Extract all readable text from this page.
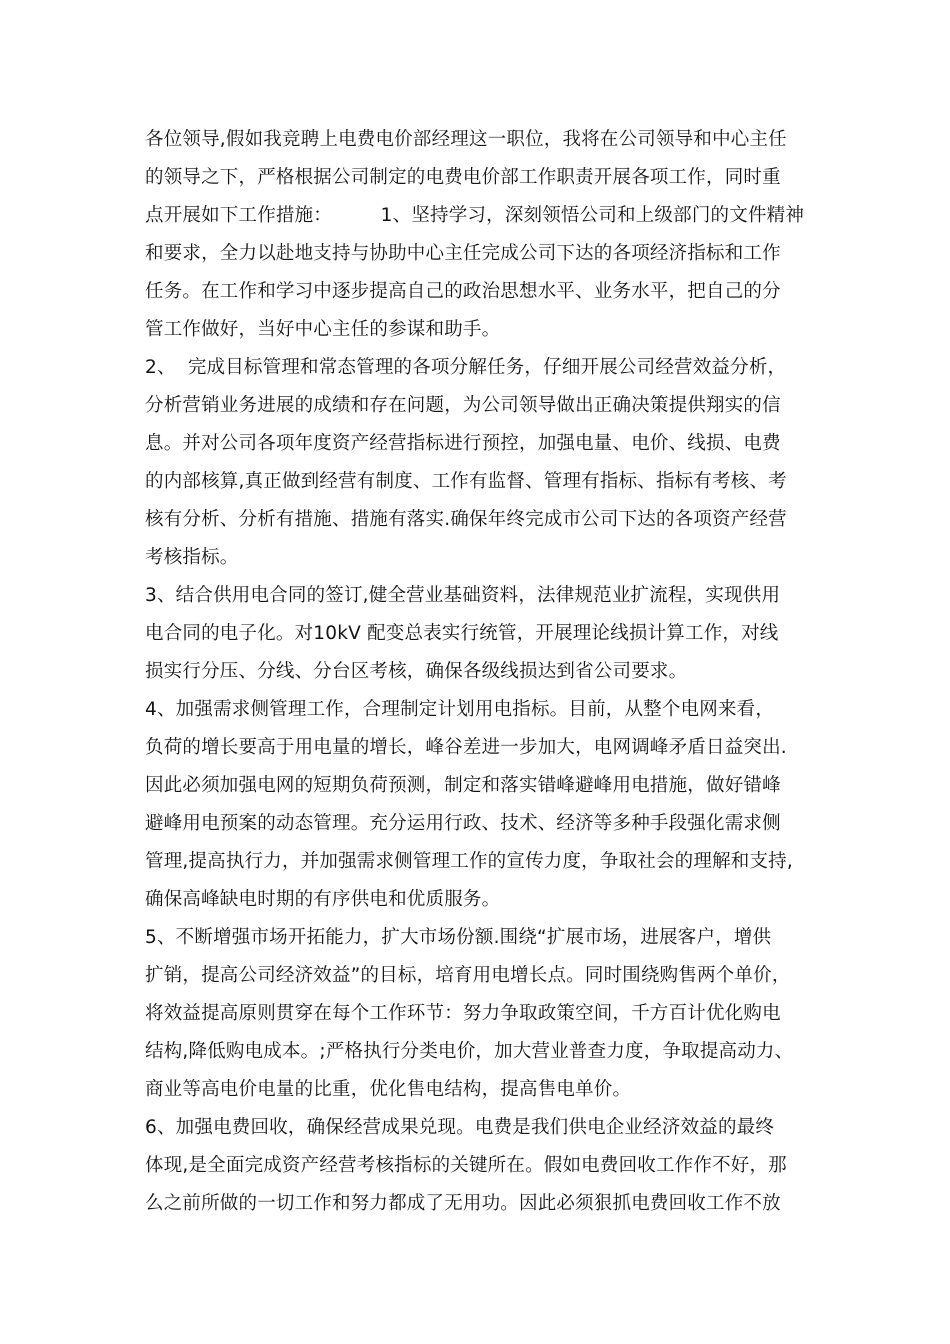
各位领导,假如我竞聘上电费电价部经理这一职位，我将在公司领导和中心主任
的领导之下，严格根据公司制定的电费电价部工作职责开展各项工作，同时重
点开展如下工作措施：        1、坚持学习，深刻领悟公司和上级部门的文件精神
和要求，全力以赴地支持与协助中心主任完成公司下达的各项经济指标和工作
任务。在工作和学习中逐步提高自己的政治思想水平、业务水平，把自己的分
管工作做好，当好中心主任的参谋和助手。
2、  完成目标管理和常态管理的各项分解任务，仔细开展公司经营效益分析，
分析营销业务进展的成绩和存在问题，为公司领导做出正确决策提供翔实的信
息。并对公司各项年度资产经营指标进行预控，加强电量、电价、线损、电费
的内部核算,真正做到经营有制度、工作有监督、管理有指标、指标有考核、考
核有分析、分析有措施、措施有落实.确保年终完成市公司下达的各项资产经营
考核指标。
3、结合供用电合同的签订,健全营业基础资料，法律规范业扩流程，实现供用
电合同的电子化。对10kV 配变总表实行统管，开展理论线损计算工作，对线
损实行分压、分线、分台区考核，确保各级线损达到省公司要求。
4、加强需求侧管理工作，合理制定计划用电指标。目前，从整个电网来看，
负荷的增长要高于用电量的增长，峰谷差进一步加大，电网调峰矛盾日益突出.
因此必须加强电网的短期负荷预测，制定和落实错峰避峰用电措施，做好错峰
避峰用电预案的动态管理。充分运用行政、技术、经济等多种手段强化需求侧
管理,提高执行力，并加强需求侧管理工作的宣传力度，争取社会的理解和支持,
确保高峰缺电时期的有序供电和优质服务。
5、不断增强市场开拓能力，扩大市场份额.围绕“扩展市场，进展客户，增供
扩销，提高公司经济效益”的目标，培育用电增长点。同时围绕购售两个单价，
将效益提高原则贯穿在每个工作环节：努力争取政策空间，千方百计优化购电
结构,降低购电成本。;严格执行分类电价，加大营业普查力度，争取提高动力、
商业等高电价电量的比重，优化售电结构，提高售电单价。
6、加强电费回收，确保经营成果兑现。电费是我们供电企业经济效益的最终
体现,是全面完成资产经营考核指标的关键所在。假如电费回收工作作不好，那
么之前所做的一切工作和努力都成了无用功。因此必须狠抓电费回收工作不放
